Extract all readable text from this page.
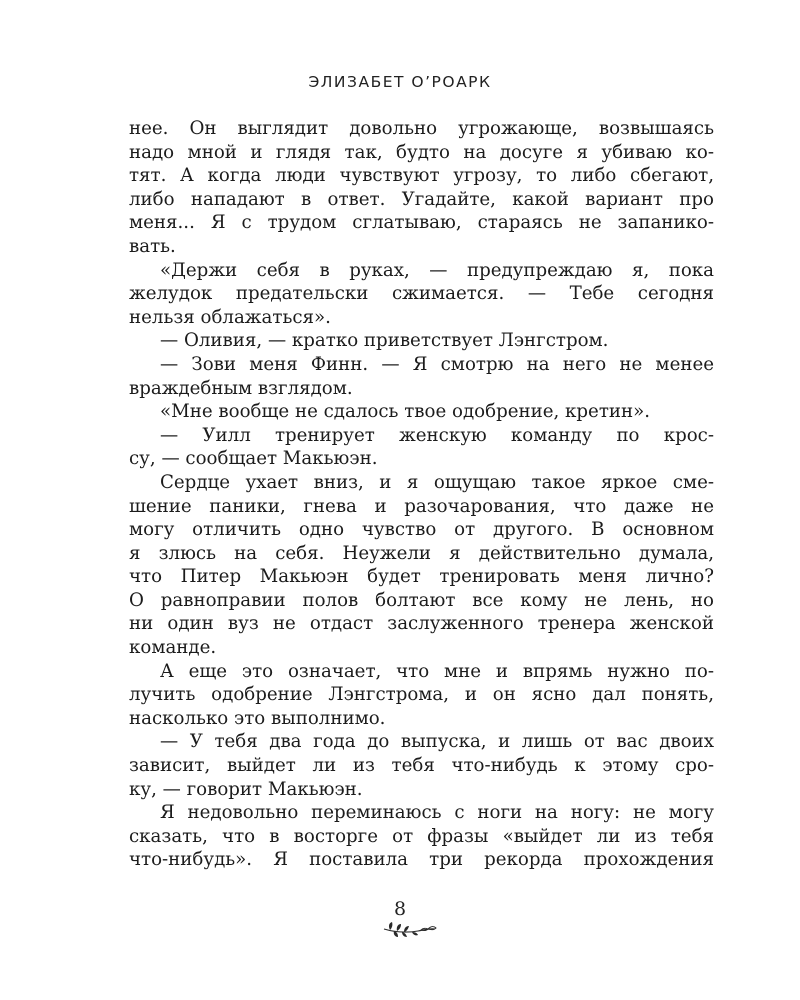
ЭЛИЗАБЕТ О’РОАРК
нее. Он выглядит довольно угрожающе, возвышаясь
надо мной и глядя так, будто на досуге я убиваю ко-
тят. А когда люди чувствуют угрозу, то либо сбегают,
либо нападают в ответ. Угадайте, какой вариант про
меня... Я с трудом сглатываю, стараясь не запанико-
вать.
«Держи себя в руках, — предупреждаю я, пока
желудок предательски сжимается. — Тебе сегодня
нельзя облажаться».
— Оливия, — кратко приветствует Лэнгстром.
— Зови меня Финн. — Я смотрю на него не менее
враждебным взглядом.
«Мне вообще не сдалось твое одобрение, кретин».
— Уилл тренирует женскую команду по крос-
су, — сообщает Макьюэн.
Сердце ухает вниз, и я ощущаю такое яркое сме-
шение паники, гнева и разочарования, что даже не
могу отличить одно чувство от другого. В основном
я злюсь на себя. Неужели я действительно думала,
что Питер Макьюэн будет тренировать меня лично?
О равноправии полов болтают все кому не лень, но
ни один вуз не отдаст заслуженного тренера женской
команде.
А еще это означает, что мне и впрямь нужно по-
лучить одобрение Лэнгстрома, и он ясно дал понять,
насколько это выполнимо.
— У тебя два года до выпуска, и лишь от вас двоих
зависит, выйдет ли из тебя что-нибудь к этому сро-
ку, — говорит Макьюэн.
Я недовольно переминаюсь с ноги на ногу: не могу
сказать, что в восторге от фразы «выйдет ли из тебя
что-нибудь». Я поставила три рекорда прохождения
8
